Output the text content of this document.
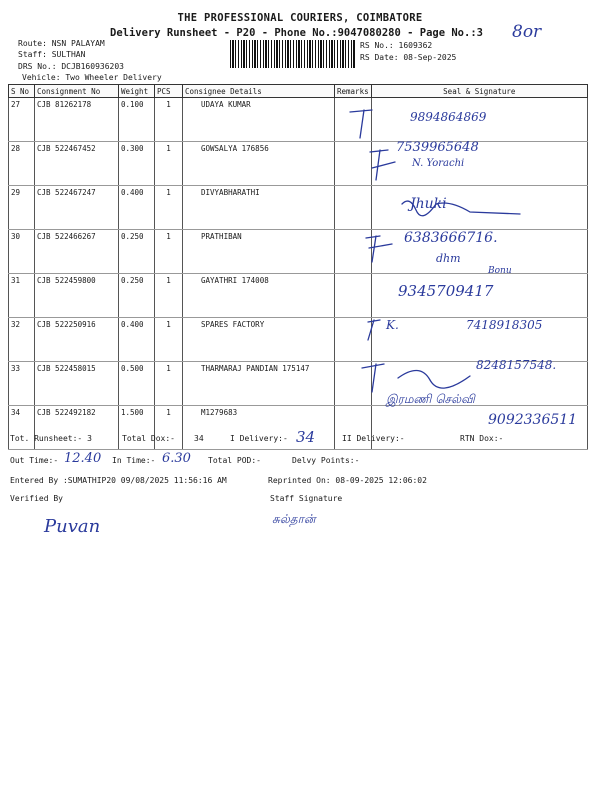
THE PROFESSIONAL COURIERS, COIMBATORE
Delivery Runsheet - P20 - Phone No.:9047080280 - Page No.:3 8or
Route: NSN PALAYAM
Staff: SULTHAN
DRS No.: DCJB160936203
Vehicle: Two Wheeler Delivery
RS No.: 1609362
RS Date: 08-Sep-2025
S No	Consignment No	Weight	PCS	Consignee Details	Remarks	Seal & Signature
27	CJB 81262178	0.100	1	UDAYA KUMAR		
28	CJB 522467452	0.300	1	GOWSALYA 176856		
29	CJB 522467247	0.400	1	DIVYABHARATHI		
30	CJB 522466267	0.250	1	PRATHIBAN		
31	CJB 522459800	0.250	1	GAYATHRI 174008		
32	CJB 522250916	0.400	1	SPARES FACTORY		
33	CJB 522458015	0.500	1	THARMARAJ PANDIAN 175147		
34	CJB 522492182	1.500	1	M1279683		
9894864869
7539965648
N. Yorachi
Jhuki
6383666716.
dhm
Bonu
9345709417
K.	7418918305
8248157548.
இரமணி செல்வி
9092336511
Tot. Runsheet:- 3	Total Dox:- 34	I Delivery:- 34	II Delivery:-	RTN Dox:-
Out Time:- 12.40 In Time:- 6.30 Total POD:-	Delvy Points:-
Entered By :SUMATHIP20 09/08/2025 11:56:16 AM	Reprinted On: 08-09-2025 12:06:02
Verified By	Staff Signature
Puvan	சுல்தான்
